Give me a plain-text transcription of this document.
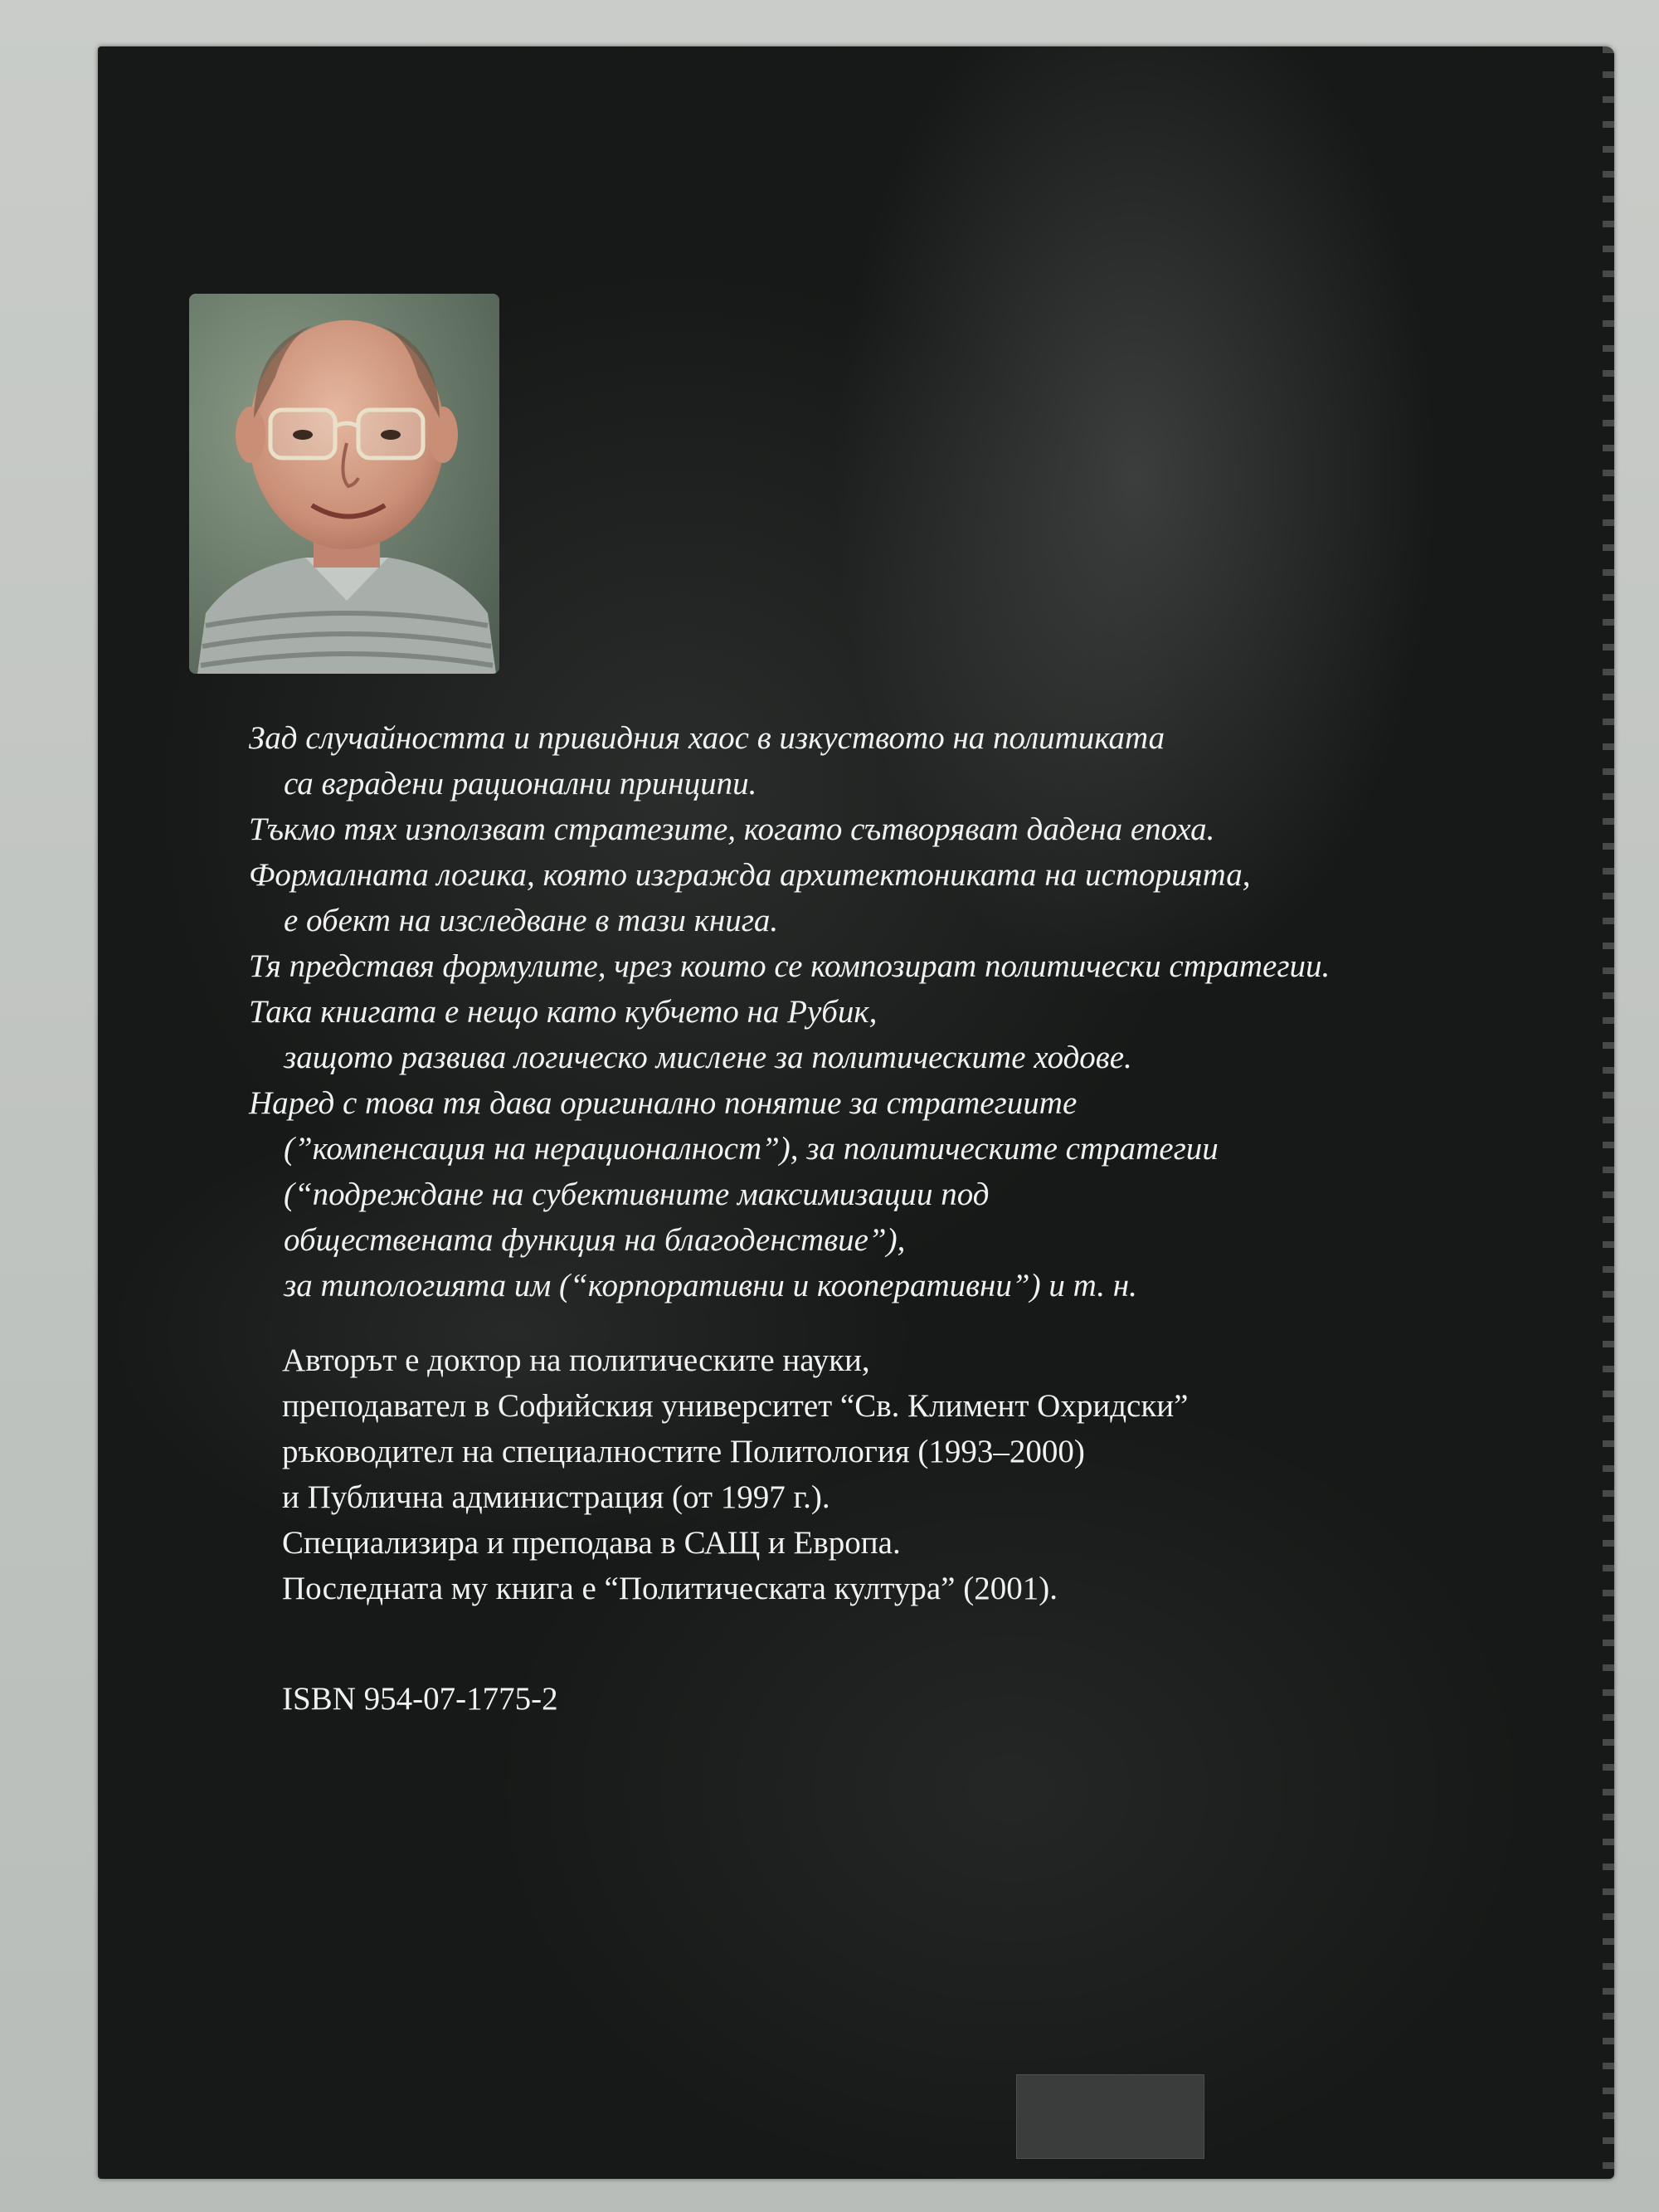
Зад случайността и привидния хаос в изкуството на политиката
са вградени рационални принципи.
Тъкмо тях използват стратезите, когато сътворяват дадена епоха.
Формалната логика, която изгражда архитектониката на историята,
е обект на изследване в тази книга.
Тя представя формулите, чрез които се композират политически стратегии.
Така книгата е нещо като кубчето на Рубик,
защото развива логическо мислене за политическите ходове.
Наред с това тя дава оригинално понятие за стратегиите
(”компенсация на нерационалност”), за политическите стратегии
(“подреждане на субективните максимизации под
обществената функция на благоденствие”),
за типологията им (“корпоративни и кооперативни”) и т. н.
Авторът е доктор на политическите науки,
преподавател в Софийския университет “Св. Климент Охридски”
ръководител на специалностите Политология (1993–2000)
и Публична администрация (от 1997 г.).
Специализира и преподава в САЩ и Европа.
Последната му книга е “Политическата култура” (2001).
ISBN 954-07-1775-2
